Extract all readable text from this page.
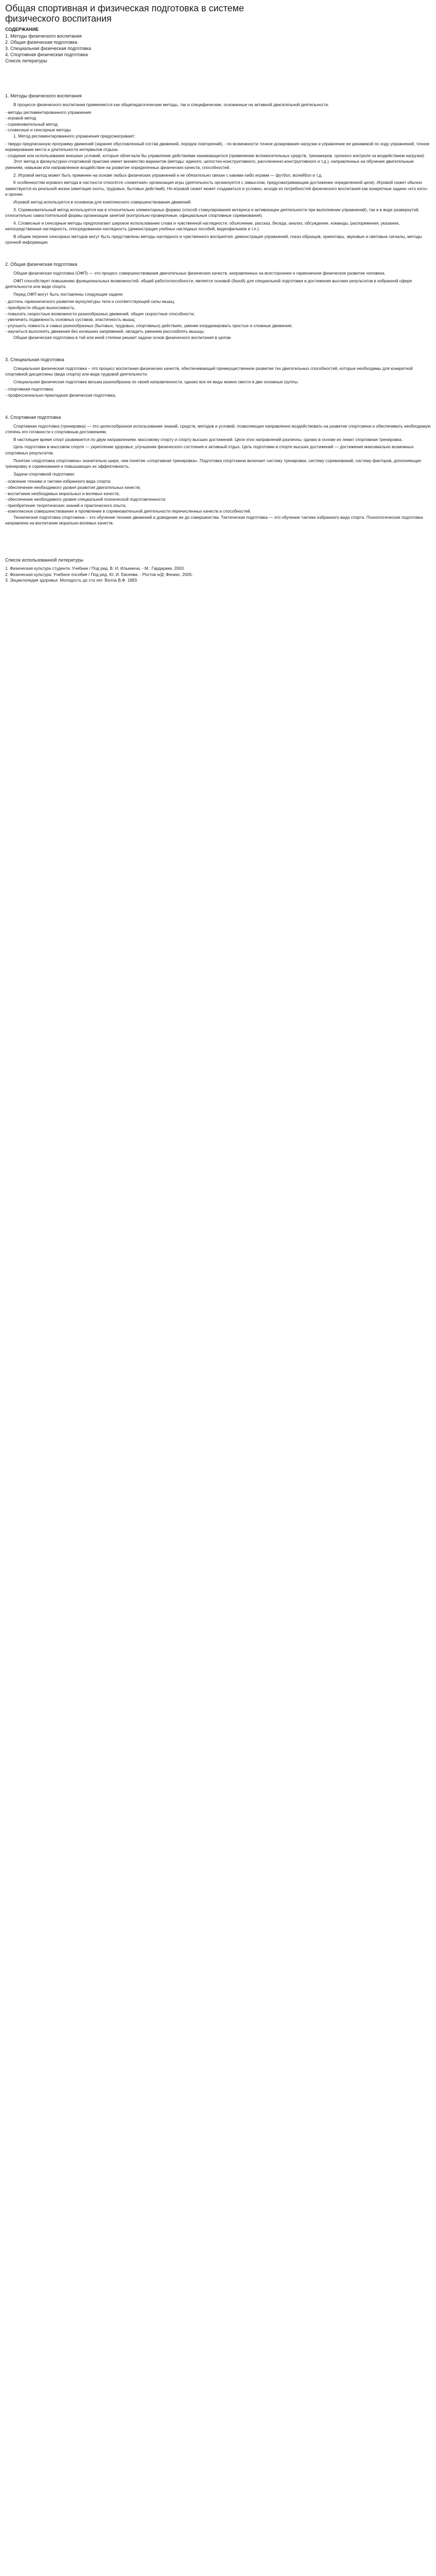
Общая спортивная и физическая подготовка в системе физического воспитания
СОДЕРЖАНИЕ
1. Методы физического воспитания
2. Общая физическая подготовка
3. Специальная физическая подготовка
4. Спортивная физическая подготовка
Список литературы
1. Методы физического воспитания
В процессе физического воспитания применяются как общепедагогические методы, так и специфические, основанные на активной двигательной деятельности:
- методы регламентированного упражнения
- игровой метод
- соревновательный метод
- словесные и сенсорные методы
1. Метод регламентированного упражнения предусматривает:
- твердо предписанную программу движений (заранее обусловленный состав движений, порядок повторений), - по возможности точное дозирование нагрузки и управление ее динамикой по ходу упражнений, точное нормирование места и длительности интервалов отдыха.
- создание или использование внешних условий, которые облегчали бы управление действиями занимающегося (применение вспомогательных средств, тренажеров, срочного контроля за воздействием нагрузки).
Этот метод в физкультурно-спортивной практике имеет множество вариантов (методы: единого, целостно-конструктивного, расчлененно-конструктивного и т.д.), направленных на обучение двигательным умениям, навыкам или направленное воздействие на развитие определенных физических качеств, способностей.
2. Игровой метод может быть применен на основе любых физических упражнений и не обязательно связан с какими-либо играми — футбол, волейбол и т.д.
К особенностям игрового метода в частности относятся «сюжетная» организация игры (деятельность организуется с замыслом, предусматривающим достижение определенной цели). Игровой сюжет обычно заимствуется из реальной жизни (имитация охоты, трудовых, бытовых действий). Но игровой сюжет может создаваться и условно, исходя из потребностей физического воспитания как конкретные задачи «кто кого» и прочее.
Игровой метод используется в основном для комплексного совершенствования движений.
3. Соревновательный метод используется как в относительно элементарных формах (способ стимулирования интереса и активизации деятельности при выполнении упражнений), так и в виде развернутой, относительно самостоятельной формы организации занятий (контрольно-проверочные, официальные спортивные соревнования).
4. Словесные и сенсорные методы предполагают широкое использование слова и чувственной наглядности: объяснение, рассказ, беседа, анализ, обсуждение, команды, распоряжения, указания, непосредственная наглядность, опосредованная наглядность (демонстрация учебных наглядных пособий, видеофильмов и т.п.).
В общем перечне сенсорных методов могут быть представлены методы наглядного и чувственного восприятия: демонстрация упражнений, показ образцов, ориентиры, звуковые и световые сигналы, методы срочной информации.
2. Общая физическая подготовка
Общая физическая подготовка (ОФП) — это процесс совершенствования двигательных физических качеств, направленных на всестороннее и гармоничное физическое развитие человека.
ОФП способствует повышению функциональных возможностей, общей работоспособности, является основой (базой) для специальной подготовки и достижения высоких результатов в избранной сфере деятельности или виде спорта.
Перед ОФП могут быть поставлены следующие задачи:
- достичь гармонического развития мускулатуры тела и соответствующей силы мышц;
- приобрести общую выносливость;
- повысить скоростные возможности разнообразных движений, общие скоростные способности;
- увеличить подвижность основных суставов, эластичность мышц;
- улучшить ловкость в самых разнообразных (бытовых, трудовых, спортивных) действиях, умение координировать простые и сложные движения;
- научиться выполнять движения без излишних напряжений, овладеть умением расслаблять мышцы.
Общая физическая подготовка в той или иной степени решает задачи основ физического воспитания в целом.
3. Специальная подготовка
Специальная физическая подготовка – это процесс воспитания физических качеств, обеспечивающий преимущественное развитие тех двигательных способностей, которые необходимы для конкретной спортивной дисциплины (вида спорта) или вида трудовой деятельности.
Специальная физическая подготовка весьма разнообразна по своей направленности, однако все ее виды можно свести в две основные группы:
- спортивная подготовка;
- профессионально-прикладная физическая подготовка.
4. Спортивная подготовка
Спортивная подготовка (тренировка) — это целесообразное использование знаний, средств, методов и условий, позволяющее направленно воздействовать на развитие спортсмена и обеспечивать необходимую степень его готовности к спортивным достижениям.
В настоящее время спорт развивается по двум направлениям: массовому спорту и спорту высших достижений. Цели этих направлений различны, однако в основе их лежит спортивная тренировка.
Цель подготовки в массовом спорте — укрепление здоровья, улучшение физического состояния и активный отдых. Цель подготовки в спорте высших достижений — достижение максимально возможных спортивных результатов.
Понятие «подготовка спортсмена» значительно шире, чем понятие «спортивная тренировка». Подготовка спортсмена включает систему тренировки, систему соревнований, систему факторов, дополняющих тренировку и соревнования и повышающих их эффективность.
Задачи спортивной подготовки:
- освоение техники и тактики избранного вида спорта;
- обеспечение необходимого уровня развития двигательных качеств;
- воспитание необходимых моральных и волевых качеств;
- обеспечение необходимого уровня специальной психической подготовленности;
- приобретение теоретических знаний и практического опыта;
- комплексное совершенствование и проявление в соревновательной деятельности перечисленных качеств и способностей.
Техническая подготовка спортсмена – это обучение технике движений и доведение ее до совершенства. Тактическая подготовка — это обучение тактике избранного вида спорта. Психологическая подготовка направлена на воспитание морально-волевых качеств.
Список использованной литературы
1. Физическая культура студента: Учебник / Под ред. В. И. Ильинича. - М.: Гардарики, 2003.
2. Физическая культура: Учебное пособие / Под ред. Ю. И. Евсеева. - Ростов н/Д: Феникс, 2005.
3. Энциклопедия здоровья. Молодость до ста лет. Вэлла В.Ф. 1993.
